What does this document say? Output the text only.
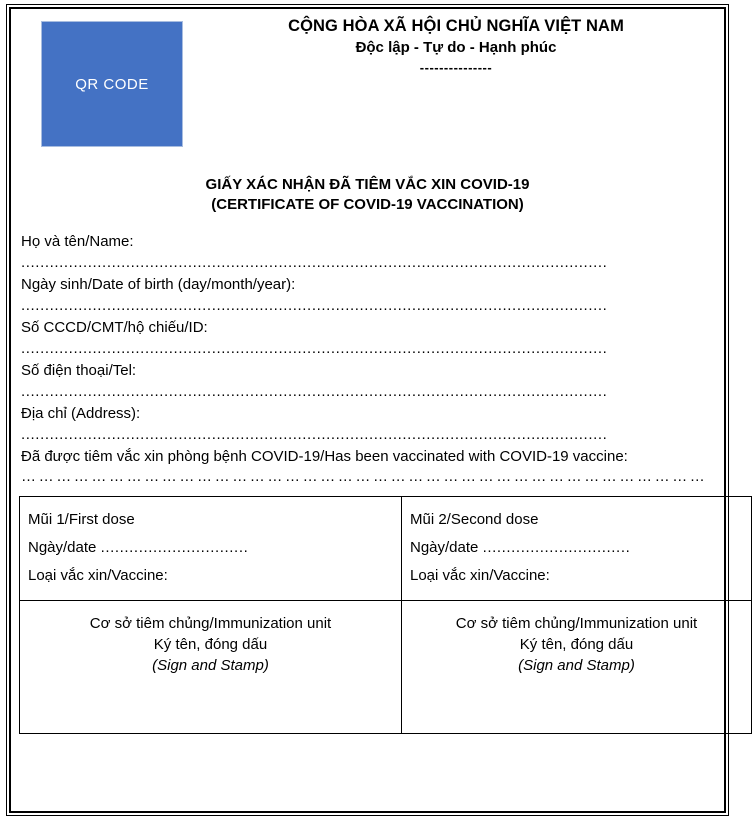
QR CODE
CỘNG HÒA XÃ HỘI CHỦ NGHĨA VIỆT NAM
Độc lập - Tự do - Hạnh phúc
---------------
GIẤY XÁC NHẬN ĐÃ TIÊM VẮC XIN COVID-19
(CERTIFICATE OF COVID-19 VACCINATION)
Họ và tên/Name:
...........................................................................................................................
Ngày sinh/Date of birth (day/month/year):
...........................................................................................................................
Số CCCD/CMT/hộ chiếu/ID:
...........................................................................................................................
Số điện thoại/Tel:
...........................................................................................................................
Địa chỉ (Address):
...........................................................................................................................
Đã được tiêm vắc xin phòng bệnh COVID-19/Has been vaccinated with COVID-19 vaccine:
………………………………………………………………………………………………………
Mũi 1/First dose
Ngày/date ...............................
Loại vắc xin/Vaccine:

Mũi 2/Second dose
Ngày/date ...............................
Loại vắc xin/Vaccine:

Cơ sở tiêm chủng/Immunization unit
Ký tên, đóng dấu
(Sign and Stamp)

Cơ sở tiêm chủng/Immunization unit
Ký tên, đóng dấu
(Sign and Stamp)
